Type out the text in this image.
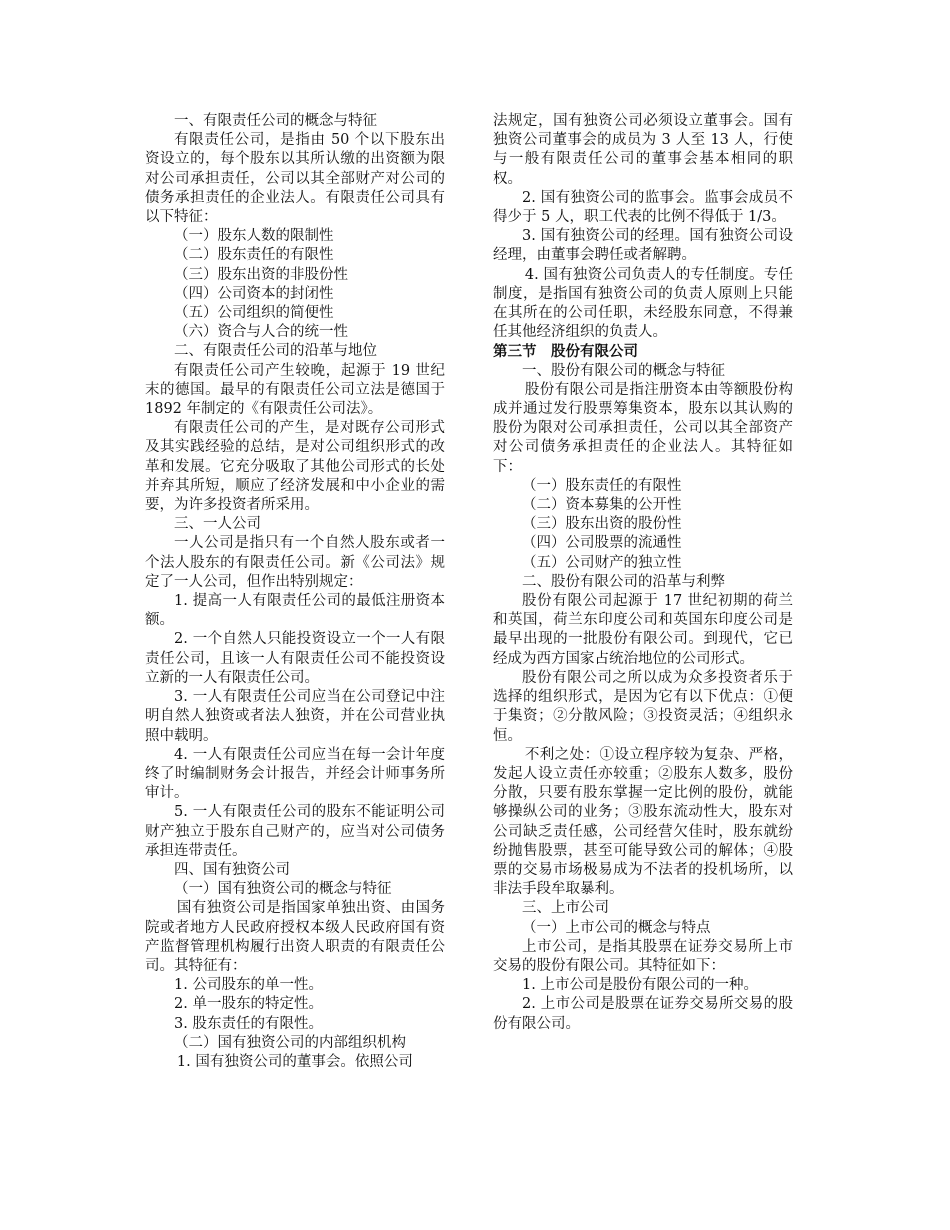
一、有限责任公司的概念与特征

有限责任公司，是指由 50 个以下股东出资设立的，每个股东以其所认缴的出资额为限对公司承担责任，公司以其全部财产对公司的债务承担责任的企业法人。有限责任公司具有以下特征：

（一）股东人数的限制性

（二）股东责任的有限性

（三）股东出资的非股份性

（四）公司资本的封闭性

（五）公司组织的简便性

（六）资合与人合的统一性

二、有限责任公司的沿革与地位

有限责任公司产生较晚，起源于 19 世纪末的德国。最早的有限责任公司立法是德国于 1892 年制定的《有限责任公司法》。

有限责任公司的产生，是对既存公司形式及其实践经验的总结，是对公司组织形式的改革和发展。它充分吸取了其他公司形式的长处并弃其所短，顺应了经济发展和中小企业的需要，为许多投资者所采用。

三、一人公司

一人公司是指只有一个自然人股东或者一个法人股东的有限责任公司。新《公司法》规定了一人公司，但作出特别规定：

1. 提高一人有限责任公司的最低注册资本额。

2. 一个自然人只能投资设立一个一人有限责任公司，且该一人有限责任公司不能投资设立新的一人有限责任公司。

3. 一人有限责任公司应当在公司登记中注明自然人独资或者法人独资，并在公司营业执照中载明。

4. 一人有限责任公司应当在每一会计年度终了时编制财务会计报告，并经会计师事务所审计。

5. 一人有限责任公司的股东不能证明公司财产独立于股东自己财产的，应当对公司债务承担连带责任。

四、国有独资公司

（一）国有独资公司的概念与特征

国有独资公司是指国家单独出资、由国务院或者地方人民政府授权本级人民政府国有资产监督管理机构履行出资人职责的有限责任公司。其特征有：

1. 公司股东的单一性。

2. 单一股东的特定性。

3. 股东责任的有限性。

（二）国有独资公司的内部组织机构

1. 国有独资公司的董事会。依照公司

法规定，国有独资公司必须设立董事会。国有独资公司董事会的成员为 3 人至 13 人，行使与一般有限责任公司的董事会基本相同的职权。

2. 国有独资公司的监事会。监事会成员不得少于 5 人，职工代表的比例不得低于 1/3。

3. 国有独资公司的经理。国有独资公司设经理，由董事会聘任或者解聘。

4. 国有独资公司负责人的专任制度。专任制度，是指国有独资公司的负责人原则上只能在其所在的公司任职，未经股东同意，不得兼任其他经济组织的负责人。

第三节　股份有限公司

一、股份有限公司的概念与特征

股份有限公司是指注册资本由等额股份构成并通过发行股票筹集资本，股东以其认购的股份为限对公司承担责任，公司以其全部资产对公司债务承担责任的企业法人。其特征如下：

（一）股东责任的有限性

（二）资本募集的公开性

（三）股东出资的股份性

（四）公司股票的流通性

（五）公司财产的独立性

二、股份有限公司的沿革与利弊

股份有限公司起源于 17 世纪初期的荷兰和英国，荷兰东印度公司和英国东印度公司是最早出现的一批股份有限公司。到现代，它已经成为西方国家占统治地位的公司形式。

股份有限公司之所以成为众多投资者乐于选择的组织形式，是因为它有以下优点：①便于集资；②分散风险；③投资灵活；④组织永恒。

不利之处：①设立程序较为复杂、严格，发起人设立责任亦较重；②股东人数多，股份分散，只要有股东掌握一定比例的股份，就能够操纵公司的业务；③股东流动性大，股东对公司缺乏责任感，公司经营欠佳时，股东就纷纷抛售股票，甚至可能导致公司的解体；④股票的交易市场极易成为不法者的投机场所，以非法手段牟取暴利。

三、上市公司

（一）上市公司的概念与特点

上市公司，是指其股票在证券交易所上市交易的股份有限公司。其特征如下：

1. 上市公司是股份有限公司的一种。

2. 上市公司是股票在证券交易所交易的股份有限公司。
